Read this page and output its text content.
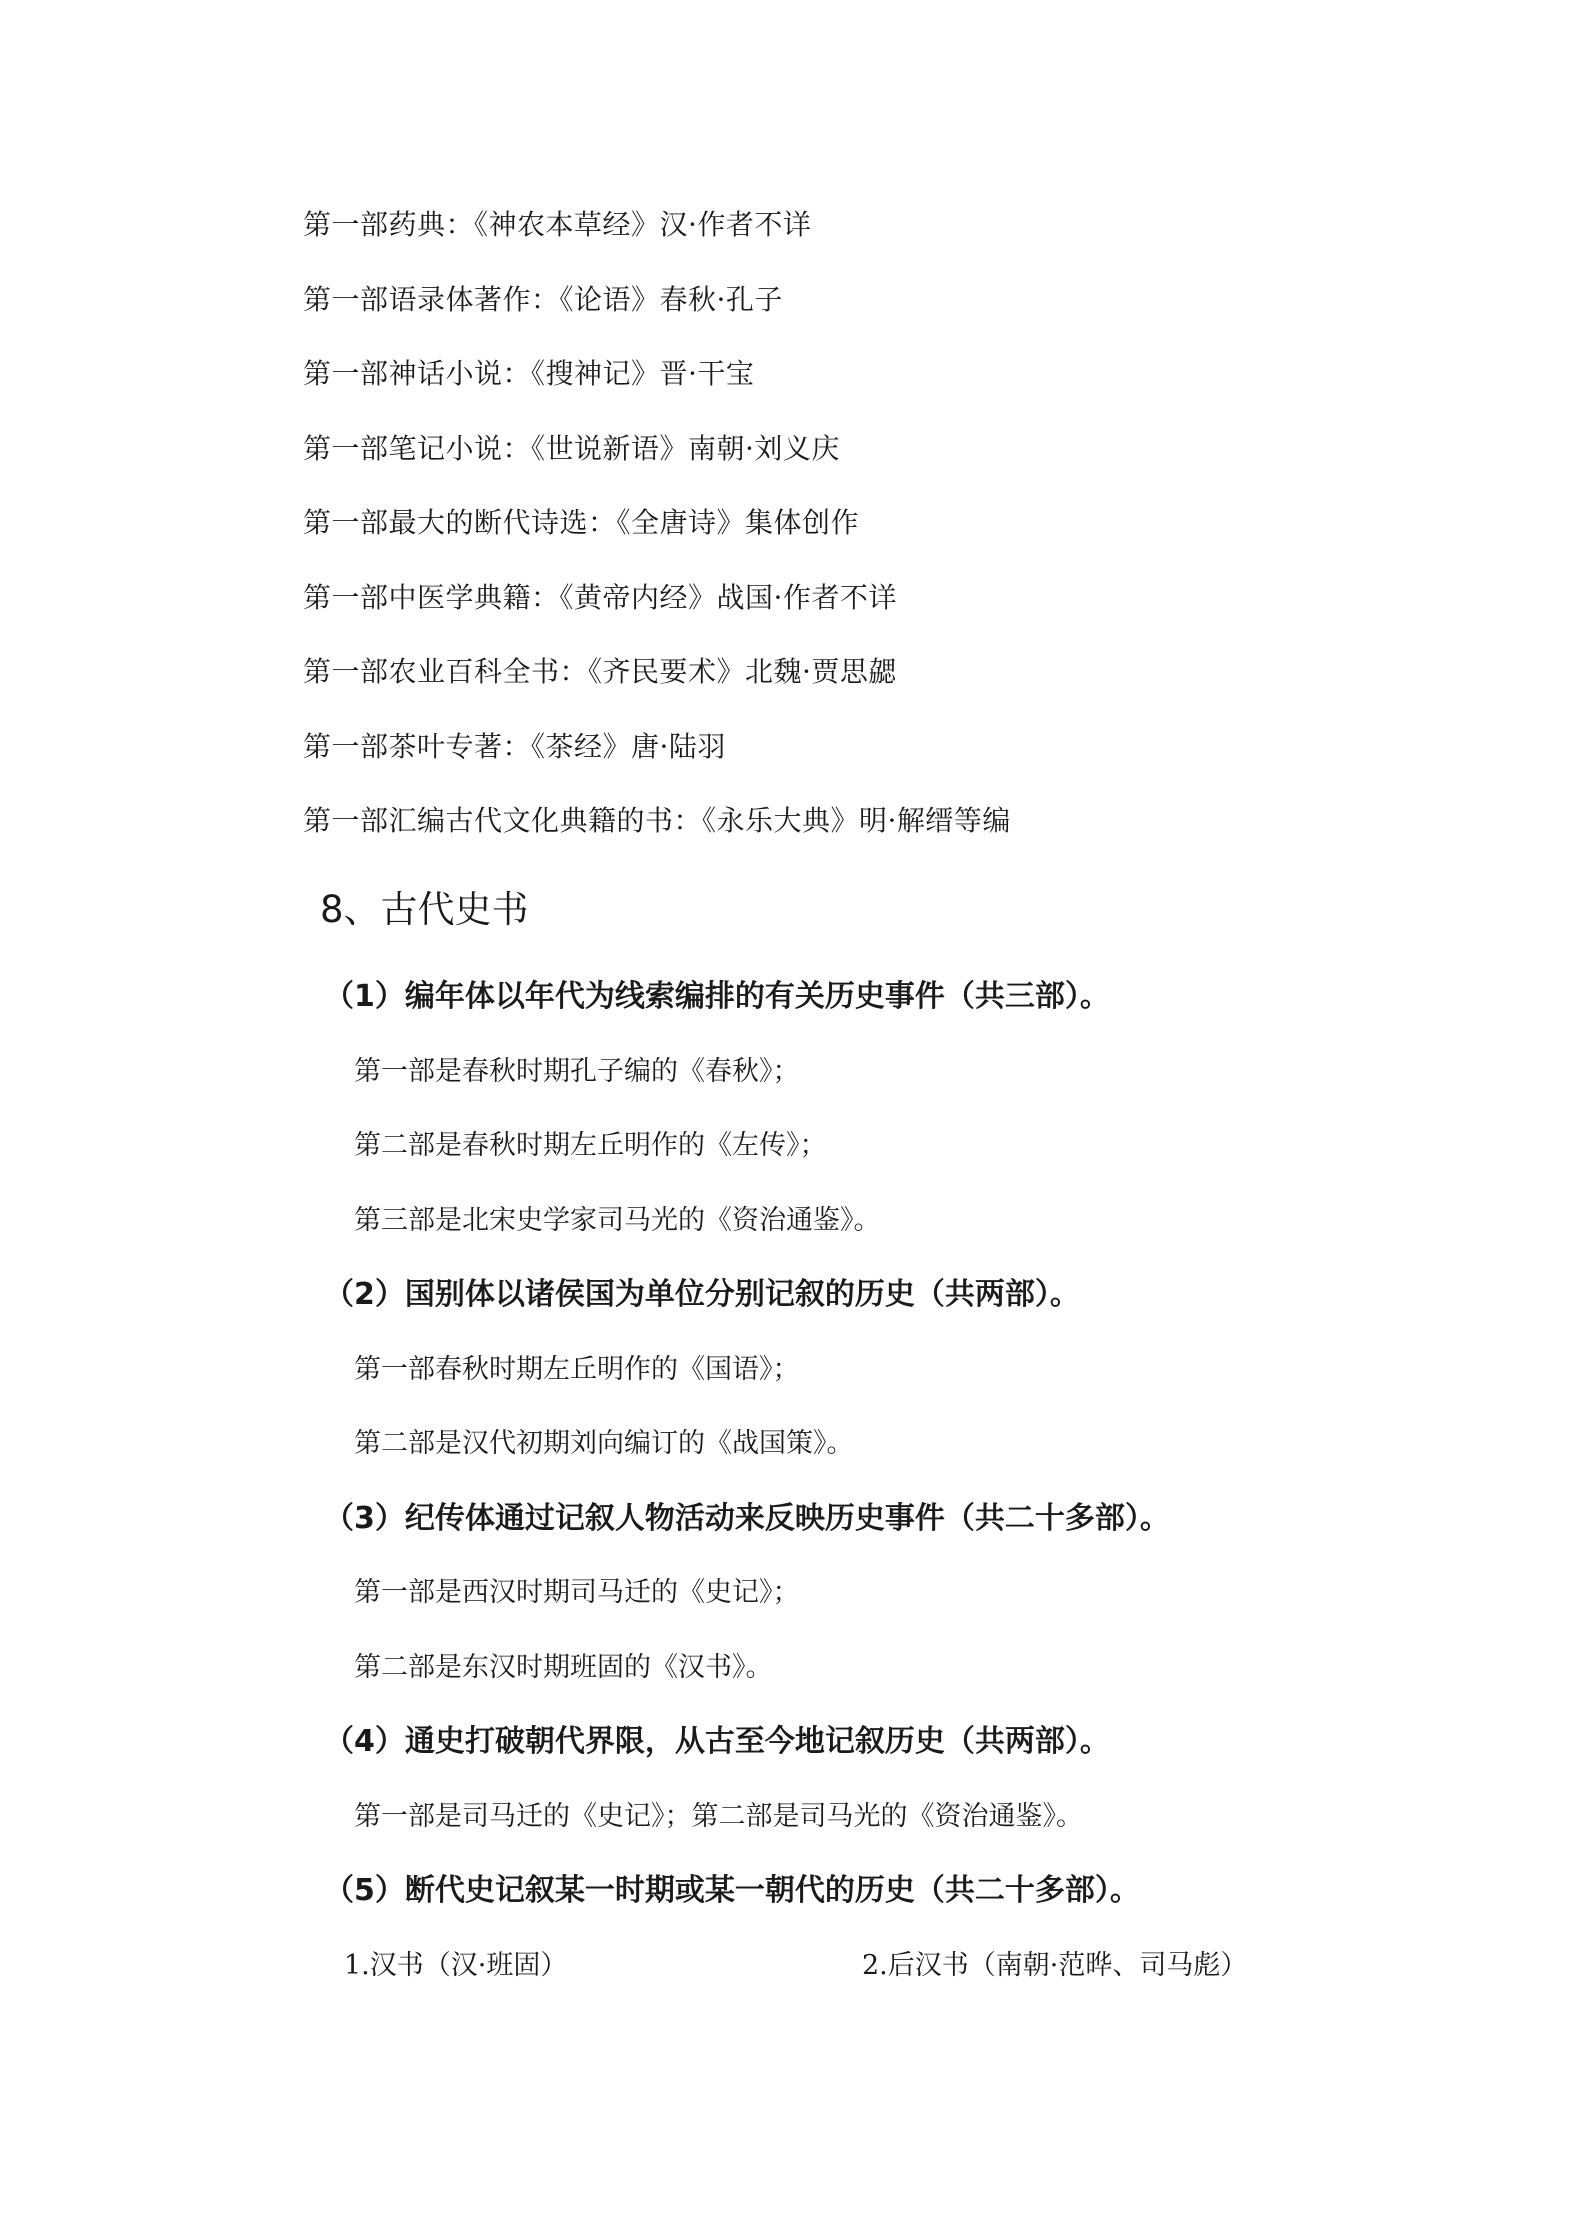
第一部药典：《神农本草经》汉·作者不详
第一部语录体著作：《论语》春秋·孔子
第一部神话小说：《搜神记》晋·干宝
第一部笔记小说：《世说新语》南朝·刘义庆
第一部最大的断代诗选：《全唐诗》集体创作
第一部中医学典籍：《黄帝内经》战国·作者不详
第一部农业百科全书：《齐民要术》北魏·贾思勰
第一部茶叶专著：《茶经》唐·陆羽
第一部汇编古代文化典籍的书：《永乐大典》明·解缙等编
8、古代史书
（1）编年体以年代为线索编排的有关历史事件（共三部）。
第一部是春秋时期孔子编的《春秋》；
第二部是春秋时期左丘明作的《左传》；
第三部是北宋史学家司马光的《资治通鉴》。
（2）国别体以诸侯国为单位分别记叙的历史（共两部）。
第一部春秋时期左丘明作的《国语》；
第二部是汉代初期刘向编订的《战国策》。
（3）纪传体通过记叙人物活动来反映历史事件（共二十多部）。
第一部是西汉时期司马迁的《史记》；
第二部是东汉时期班固的《汉书》。
（4）通史打破朝代界限，从古至今地记叙历史（共两部）。
第一部是司马迁的《史记》；第二部是司马光的《资治通鉴》。
（5）断代史记叙某一时期或某一朝代的历史（共二十多部）。
1.汉书（汉·班固）	2.后汉书（南朝·范晔、司马彪）
